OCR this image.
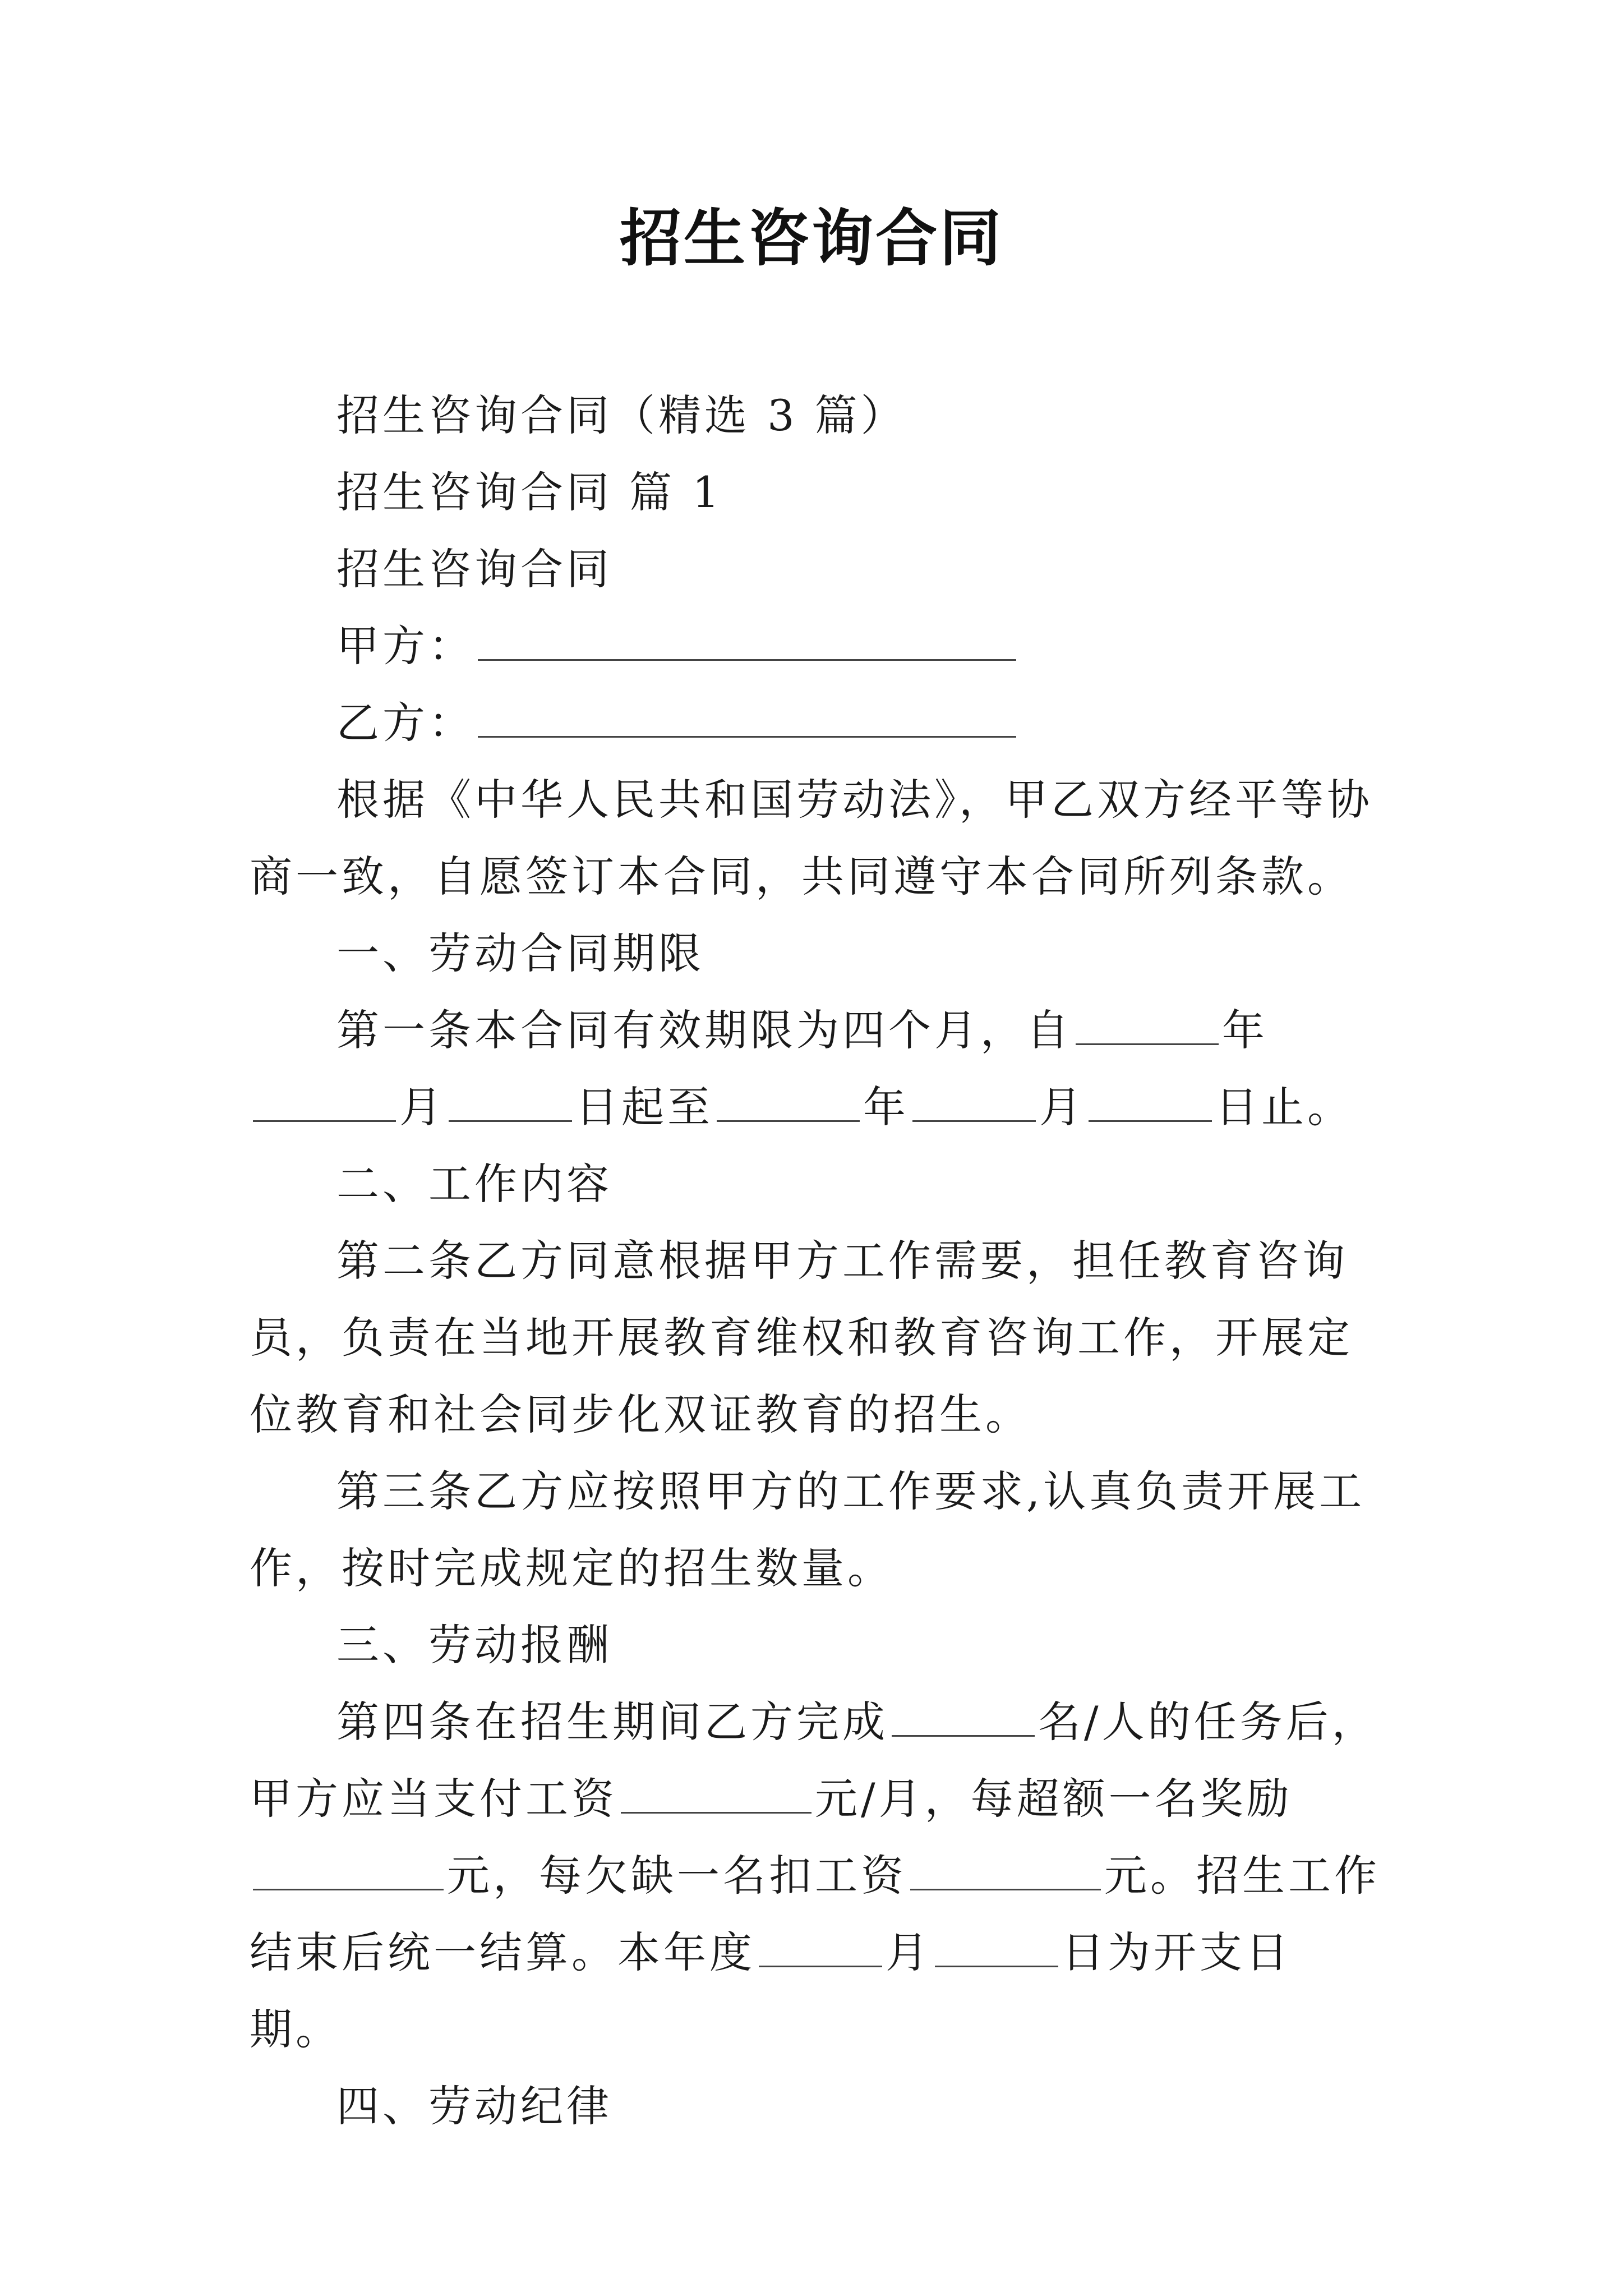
招生咨询合同

招生咨询合同（精选 3 篇）

招生咨询合同 篇 1

招生咨询合同

甲方：

乙方：

根据《中华人民共和国劳动法》，甲乙双方经平等协商一致，自愿签订本合同，共同遵守本合同所列条款。

一、劳动合同期限

第一条本合同有效期限为四个月，自	年月	日起至	年	月	日止。

二、工作内容

第二条乙方同意根据甲方工作需要，担任教育咨询员，负责在当地开展教育维权和教育咨询工作，开展定位教育和社会同步化双证教育的招生。

第三条乙方应按照甲方的工作要求,认真负责开展工作，按时完成规定的招生数量。

三、劳动报酬

第四条在招生期间乙方完成	名/人的任务后，甲方应当支付工资	元/月，每超额一名奖励元，每欠缺一名扣工资	元。招生工作结束后统一结算。本年度	月	日为开支日期。

四、劳动纪律
